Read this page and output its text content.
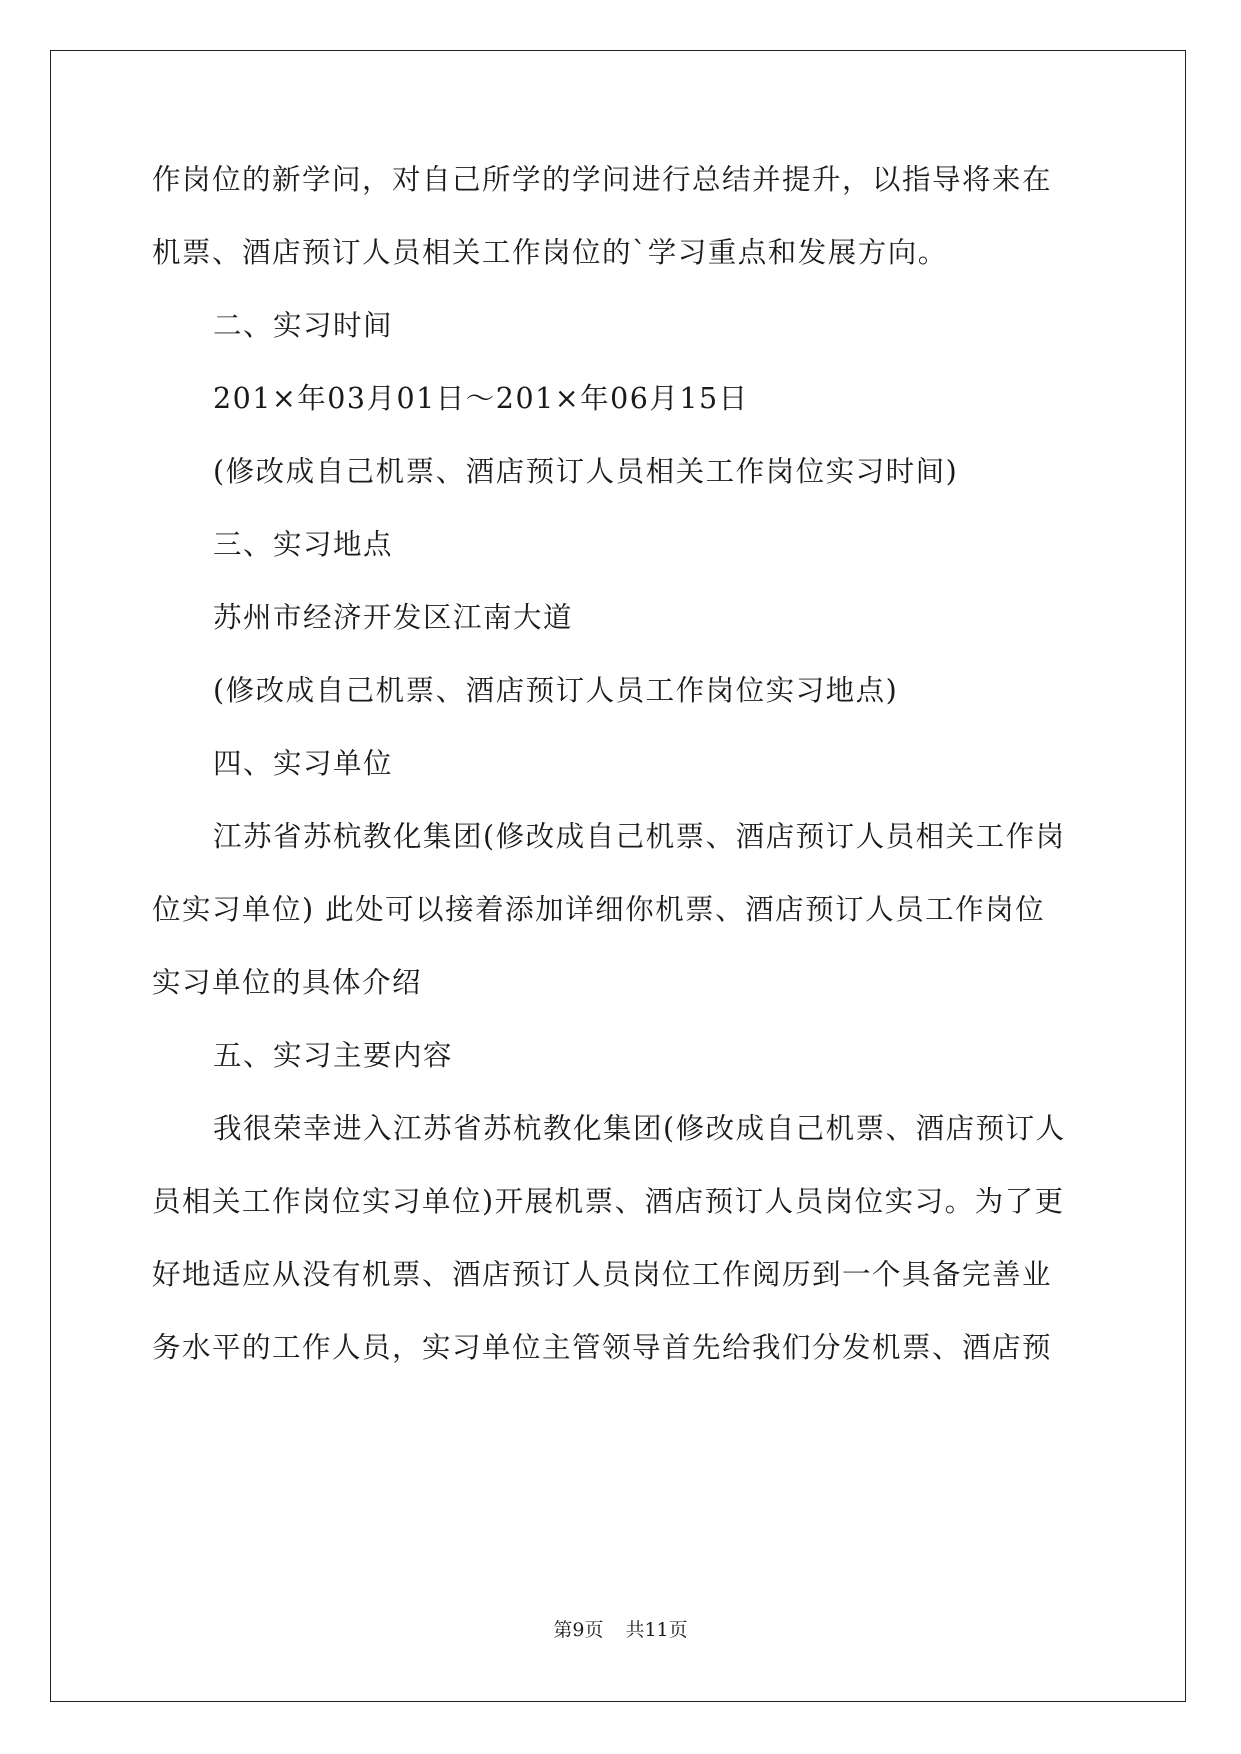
作岗位的新学问，对自己所学的学问进行总结并提升，以指导将来在
机票、酒店预订人员相关工作岗位的`学习重点和发展方向。
二、实习时间
201×年03月01日～201×年06月15日
(修改成自己机票、酒店预订人员相关工作岗位实习时间)
三、实习地点
苏州市经济开发区江南大道
(修改成自己机票、酒店预订人员工作岗位实习地点)
四、实习单位
江苏省苏杭教化集团(修改成自己机票、酒店预订人员相关工作岗
位实习单位) 此处可以接着添加详细你机票、酒店预订人员工作岗位
实习单位的具体介绍
五、实习主要内容
我很荣幸进入江苏省苏杭教化集团(修改成自己机票、酒店预订人
员相关工作岗位实习单位)开展机票、酒店预订人员岗位实习。为了更
好地适应从没有机票、酒店预订人员岗位工作阅历到一个具备完善业
务水平的工作人员，实习单位主管领导首先给我们分发机票、酒店预
第9页 共11页
